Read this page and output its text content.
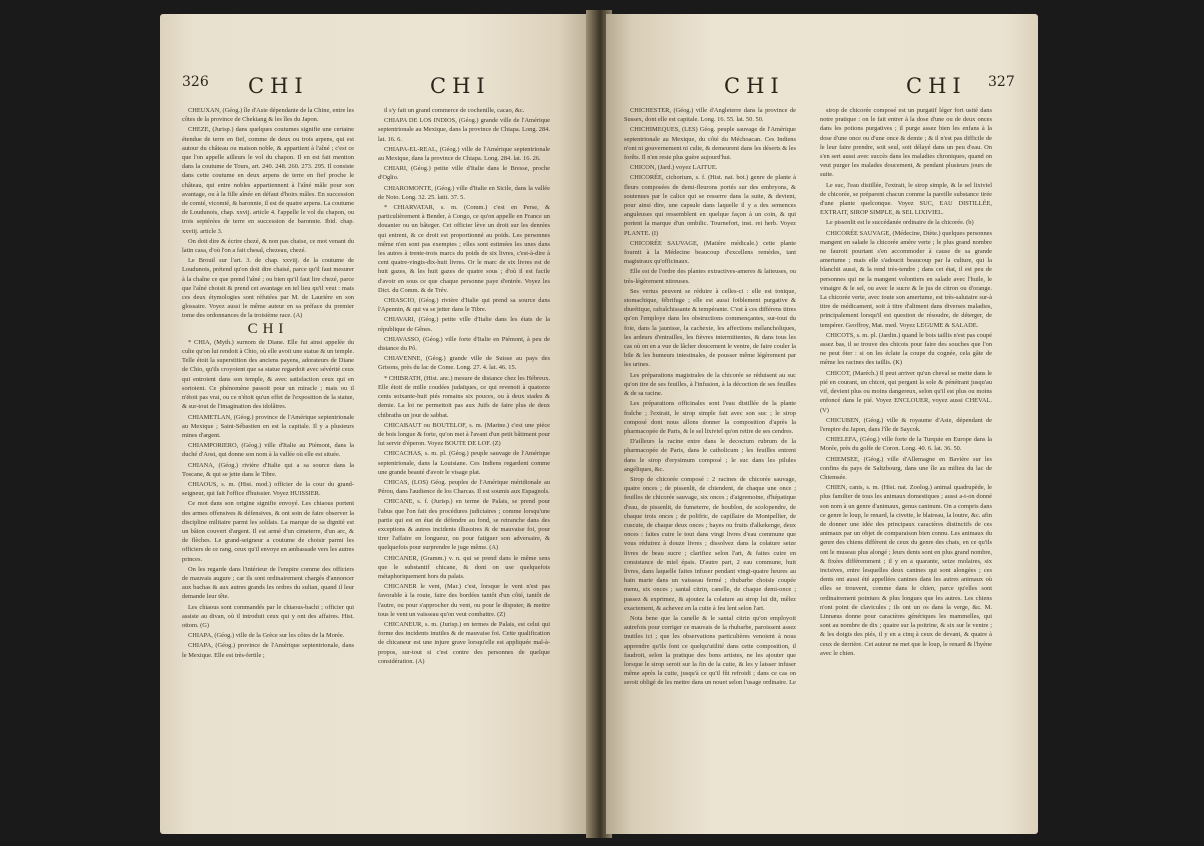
326 CHI	CHI

CHEUXAN, (Géog.) île d'Asie dépendante de la Chine, entre les côtes de la province de Chekiang & les îles du Japon.

CHEZE, (Jurisp.) dans quelques coutumes signifie une certaine étendue de terre en fief, comme de deux ou trois arpens, qui est autour du château ou maison noble, & appartient à l'aîné ; c'est ce que l'on appelle ailleurs le vol du chapon. Il en est fait mention dans la coutume de Tours, art. 240. 248. 260. 273. 295. Il consiste dans cette coutume en deux arpens de terre en fief proche le château, qui entre nobles appartiennent à l'aîné mâle pour son avantage, ou à la fille aînée en défaut d'hoirs mâles. En succession de comté, vicomté, & baronnie, il est de quatre arpens. La coutume de Loudunois, chap. xxvij. article 4. l'appelle le vol du chapon, ou trois septérées de terre en succession de baronnie. Ibid. chap. xxviij. article 3.

On doit dire & écrire chezé, & non pas chaise, ce mot venant du latin casa, d'où l'on a fait chesal, chezeau, chezé.

Le Brouil sur l'art. 3. de chap. xxviij. de la coutume de Loudunois, prétend qu'on doit dire chaisé, parce qu'il faut mesurer à la chaîne ce que prend l'aîné ; ou bien qu'il faut lire chezé, parce que l'aîné choisit & prend cet avantage en tel lieu qu'il veut : mais ces deux étymologies sont réfutées par M. de Laurière en son glossaire. Voyez aussi le même auteur en sa préface du premier tome des ordonnances de la troisième race. (A)

CHI

* CHIA, (Myth.) surnom de Diane. Elle fut ainsi appelée du culte qu'on lui rendoit à Chio, où elle avoit une statue & un temple. Telle étoit la superstition des anciens payens, adorateurs de Diane de Chio, qu'ils croyoient que sa statue regardoit avec sévérité ceux qui entroient dans son temple, & avec satisfaction ceux qui en sortoient. Ce phénomène passoit pour un miracle ; mais ou il n'étoit pas vrai, ou ce n'étoit qu'un effet de l'exposition de la statue, & sur-tout de l'imagination des idolâtres.

CHIAMETLAN, (Géog.) province de l'Amérique septentrionale au Mexique ; Saint-Sébastien en est la capitale. Il y a plusieurs mines d'argent.

CHIAMPORIERO, (Géog.) ville d'Italie au Piémont, dans la duché d'Aost, qui donne son nom à la vallée où elle est située.

CHIANA, (Géog.) rivière d'Italie qui a sa source dans la Toscane, & qui se jette dans le Tibre.

CHIAOUS, s. m. (Hist. mod.) officier de la cour du grand-seigneur, qui fait l'office d'huissier. Voyez HUISSIER.

Ce mot dans son origine signifie envoyé. Les chiaous portent des armes offensives & défensives, & ont soin de faire observer la discipline militaire parmi les soldats. La marque de sa dignité est un bâton couvert d'argent. Il est armé d'un cimeterre, d'un arc, & de flèches. Le grand-seigneur a coutume de choisir parmi les officiers de ce rang, ceux qu'il envoye en ambassade vers les autres princes.

On les regarde dans l'intérieur de l'empire comme des officiers de mauvais augure ; car ils sont ordinairement chargés d'annoncer aux bachas & aux autres grands les ordres du sultan, quand il leur demande leur tête.

Les chiaous sont commandés par le chiaous-bachi ; officier qui assiste au divan, où il introduit ceux qui y ont des affaires. Hist. ottom. (G)

CHIAPA, (Géog.) ville de la Grèce sur les côtes de la Morée.

CHIAPA, (Géog.) province de l'Amérique septentrionale, dans le Mexique. Elle est très-fertile ;

il s'y fait un grand commerce de cochenille, cacao, &c.

CHIAPA DE LOS INDIOS, (Géog.) grande ville de l'Amérique septentrionale au Mexique, dans la province de Chiapa. Long. 284. lat. 16. 6.

CHIAPA-EL-REAL, (Géog.) ville de l'Amérique septentrionale au Mexique, dans la province de Chiapa. Long. 284. lat. 16. 26.

CHIARI, (Géog.) petite ville d'Italie dans le Bresse, proche d'Oglio.

CHIAROMONTE, (Géog.) ville d'Italie en Sicile, dans la vallée de Noto. Long. 32. 25. latit. 37. 5.

* CHIARVATAR, s. m. (Comm.) c'est en Perse, & particulièrement à Bender, à Congo, ce qu'on appelle en France un douanier ou un bâteger. Cet officier lève un droit sur les denrées qui entrent, & ce droit est proportionné au poids. Les personnes même n'en sont pas exemptes ; elles sont estimées les unes dans les autres à trente-trois marcs du poids de six livres, c'est-à-dire à cent quatre-vingts-dix-huit livres. Or le marc de six livres est de huit gazes, & les huit gazes de quatre sous ; d'où il est facile d'avoir en sous ce que chaque personne paye d'entrée. Voyez les Dict. du Comm. & de Trév.

CHIASCIO, (Géog.) rivière d'Italie qui prend sa source dans l'Apennin, & qui va se jetter dans le Tibre.

CHIAVARI, (Géog.) petite ville d'Italie dans les états de la république de Gênes.

CHIAVASSO, (Géog.) ville forte d'Italie en Piémont, à peu de distance du Pô.

CHIAVENNE, (Géog.) grande ville de Suisse au pays des Grisons, près du lac de Come. Long. 27. 4. lat. 46. 15.

* CHIBRATH, (Hist. anc.) mesure de distance chez les Hébreux. Elle étoit de mille coudées judaïques, ce qui revenoit à quatorze cents soixante-huit piés romains six pouces, ou à deux stades & demie. La loi ne permettoit pas aux Juifs de faire plus de deux chibraths un jour de sabbat.

CHICABAUT ou BOUTELOF, s. m. (Marine.) c'est une pièce de bois longue & forte, qu'on met à l'avant d'un petit bâtiment pour lui servir d'éperon. Voyez BOUTE DE LOF. (Z)

CHICACHAS, s. m. pl. (Géog.) peuple sauvage de l'Amérique septentrionale, dans la Louisiane. Ces Indiens regardent comme une grande beauté d'avoir le visage plat.

CHICAS, (LOS) Géog. peuples de l'Amérique méridionale au Pérou, dans l'audience de los Charcas. Il est soumis aux Espagnols.

CHICANE, s. f. (Jurisp.) en terme de Palais, se prend pour l'abus que l'on fait des procédures judiciaires ; comme lorsqu'une partie qui est en état de défendre au fond, se retranche dans des exceptions & autres incidents illusoires & de mauvaise foi, pour tirer l'affaire en longueur, ou pour fatiguer son adversaire, & quelquefois pour surprendre le juge même. (A)

CHICANER, (Gramm.) v. n. qui se prend dans le même sens que le substantif chicane, & dont on use quelquefois métaphoriquement hors du palais.

CHICANER le vent, (Mar.) c'est, lorsque le vent n'est pas favorable à la route, faire des bordées tantôt d'un côté, tantôt de l'autre, ou pour s'approcher du vent, ou pour le disputer, & mettre tous le vent un vaisseau qu'on veut combattre. (Z)

CHICANEUR, s. m. (Jurisp.) en termes de Palais, est celui qui forme des incidents inutiles & de mauvaise foi. Cette qualification de chicaneur est une injure grave lorsqu'elle est appliquée mal-à-propos, sur-tout si c'est contre des personnes de quelque considération. (A)

CHI	CHI 327

CHICHESTER, (Géog.) ville d'Angleterre dans la province de Sussex, dont elle est capitale. Long. 16. 55. lat. 50. 50.

CHICHIMEQUES, (LES) Géog. peuple sauvage de l'Amérique septentrionale au Mexique, du côté du Méchoacan. Ces Indiens n'ont ni gouvernement ni culte, & demeurent dans les déserts & les forêts. Il n'en reste plus guère aujourd'hui.

CHICON, (Jard.) voyez LAITUE.

CHICORÉE, cichorium, s. f. (Hist. nat. bot.) genre de plante à fleurs composées de demi-fleurons portés sur des embryons, & soutenues par le calice qui se resserre dans la suite, & devient, pour ainsi dire, une capsule dans laquelle il y a des semences anguleuses qui ressemblent en quelque façon à un coin, & qui portent la marque d'un ombilic. Tournefort, inst. rei herb. Voyez PLANTE. (I)

CHICORÉE SAUVAGE, (Matière médicale.) cette plante fournit à la Médecine beaucoup d'excellens remèdes, tant magistraux qu'officinaux.

Elle est de l'ordre des plantes extractives-ameres & laiteuses, ou très-légèrement nitreuses.

Ses vertus peuvent se réduire à celles-ci : elle est tonique, stomachique, fébrifuge ; elle est aussi foiblement purgative & diurétique, rafraîchissante & tempérante. C'est à ces différens titres qu'on l'employe dans les obstructions commençantes, sur-tout du foie, dans la jaunisse, la cachexie, les affections mélancholiques, les ardeurs d'entrailles, les fièvres intermittentes, & dans tous les cas où on en a vue de lâcher doucement le ventre, de faire couler la bile & les humeurs intestinales, de pousser même légèrement par les urines.

Les préparations magistrales de la chicorée se réduisent au suc qu'on tire de ses feuilles, à l'infusion, à la décoction de ses feuilles & de sa racine.

Les préparations officinales sont l'eau distillée de la plante fraîche ; l'extrait, le sirop simple fait avec son suc ; le sirop composé dont nous allons donner la composition d'après la pharmacopée de Paris, & le sel lixiviel qu'on retire de ses cendres.

D'ailleurs la racine entre dans le decoctum rubrum de la pharmacopée de Paris, dans le catholicum ; les feuilles entrent dans le sirop d'erysimum composé ; le suc dans les pilules angéliques, &c.

Sirop de chicorée composé : 2 racines de chicorée sauvage, quatre onces ; de pissenlit, de chiendent, de chaque une once ; feuilles de chicorée sauvage, six onces ; d'aigremoine, d'hépatique d'eau, de pissenlit, de fumeterre, de houblon, de scolopendre, de chaque trois onces ; de polifric, de capillaire de Montpellier, de cuscute, de chaque deux onces ; bayes ou fruits d'alkekenge, deux onces : faites cuire le tout dans vingt livres d'eau commune que vous réduirez à douze livres ; dissolvez dans la colature seize livres de beau sucre ; clarifiez selon l'art, & faites cuire en consistance de miel épais. D'autre part, 2 eau commune, huit livres, dans laquelle faites infuser pendant vingt-quatre heures au bain marie dans un vaisseau fermé ; rhubarbe choisie coupée menu, six onces ; santal citrin, canelle, de chaque demi-once ; passez & exprimez, & ajoutez la colature au sirop lui dit, mêlez exactement, & achevez en la cuite à feu lent selon l'art.

Nota bene que la canelle & le santal citrin qu'on employoit autrefois pour corriger ce mauvais de la rhubarbe, paroissent assez inutiles ici ; que les observations particulières venoient à nous apprendre qu'ils font ce quelqu'utilité dans cette composition, il faudroit, selon la pratique des bons artistes, ne les ajouter que lorsque le sirop seroit sur la fin de la cuite, & les y laisser infuser même après la cuite, jusqu'à ce qu'il fût refroidi ; dans ce cas on seroit obligé de les mettre dans un nouet selon l'usage ordinaire. Le

sirop de chicorée composé est un purgatif léger fort usité dans notre pratique : on le fait entrer à la dose d'une ou de deux onces dans les potions purgatives ; il purge assez bien les enfans à la dose d'une once ou d'une once & demie ; & il n'est pas difficile de le leur faire prendre, soit seul, soit délayé dans un peu d'eau. On s'en sert aussi avec succès dans les maladies chroniques, quand on veut purger les malades doucement, & pendant plusieurs jours de suite.

Le suc, l'eau distillée, l'extrait, le sirop simple, & le sel lixiviel de chicorée, se préparent chacun comme la pareille substance tirée d'une plante quelconque. Voyez SUC, EAU DISTILLÉE, EXTRAIT, SIROP SIMPLE, & SEL LIXIVIEL.

Le pissenlit est le succédanée ordinaire de la chicorée. (b)

CHICORÉE SAUVAGE, (Médecine, Diète.) quelques personnes mangent en salade la chicorée amère verte ; le plus grand nombre ne fauroit pourtant s'en accommoder à cause de sa grande amertume ; mais elle s'adoucit beaucoup par la culture, qui la blanchit aussi, & la rend très-tendre ; dans cet état, il est peu de personnes qui ne la mangent volontiers en salade avec l'huile, le vinaigre & le sel, ou avec le sucre & le jus de citron ou d'orange. La chicorée verte, avec toute son amertume, est très-salutaire sur-à titre de médicament, soit à titre d'aliment dans diverses maladies, principalement lorsqu'il est question de résoudre, de déterger, de tempérer. Geoffroy, Mat. med. Voyez LEGUME & SALADE.

CHICOTS, s. m. pl. (Jardin.) quand le bois taillis n'est pas coupé assez bas, il se trouve des chicots pour faire des souches que l'on ne peut ôter : si on les éclate la coupe du cognée, cela gâte de même les racines des taillis. (K)

CHICOT, (Maréch.) Il peut arriver qu'un cheval se mette dans le pié en courant, un chicot, qui pergant la sole & pénétrant jusqu'au vif, devient plus ou moins dangereux, selon qu'il est plus ou moins enfoncé dans le pié. Voyez ENCLOUER, voyez aussi CHEVAL. (V)

CHICUBEN, (Géog.) ville & royaume d'Asie, dépendant de l'empire du Japon, dans l'île de Saycok.

CHIELEFA, (Géog.) ville forte de la Turquie en Europe dans la Morée, près du golfe de Coron. Long. 40. 6. lat. 36. 50.

CHIEMSEE, (Géog.) ville d'Allemagne en Bavière sur les confins du pays de Saltzbourg, dans une île au milieu du lac de Chiemsée.

CHIEN, canis, s. m. (Hist. nat. Zoolog.) animal quadrupède, le plus familier de tous les animaux domestiques ; aussi a-t-on donné son nom à un genre d'animaux, genus caninum. On a compris dans ce genre le loup, le renard, la civette, le blaireau, la loutre, &c. afin de donner une idée des principaux caractères distinctifs de ces animaux par un objet de comparaison bien connu. Les animaux du genre des chiens diffèrent de ceux du genre des chats, en ce qu'ils ont le museau plus alongé ; leurs dents sont en plus grand nombre, & fixées différemment ; il y en a quarante, seize molaires, six incisives, entre lesquelles deux canines qui sont alongées ; ces dents ont aussi été appellées canines dans les autres animaux où elles se trouvent, comme dans le chien, parce qu'elles sont ordinairement pointues & plus longues que les autres. Les chiens n'ont point de clavicules ; ils ont un os dans la verge, &c. M. Linnæus donne pour caractères génériques les mammelles, qui sont au nombre de dix ; quatre sur la poitrine, & six sur le ventre ; & les doigts des piés, il y en a cinq à ceux de devant, & quatre à ceux de derrière. Cet auteur ne met que le loup, le renard & l'hyène avec le chien.
